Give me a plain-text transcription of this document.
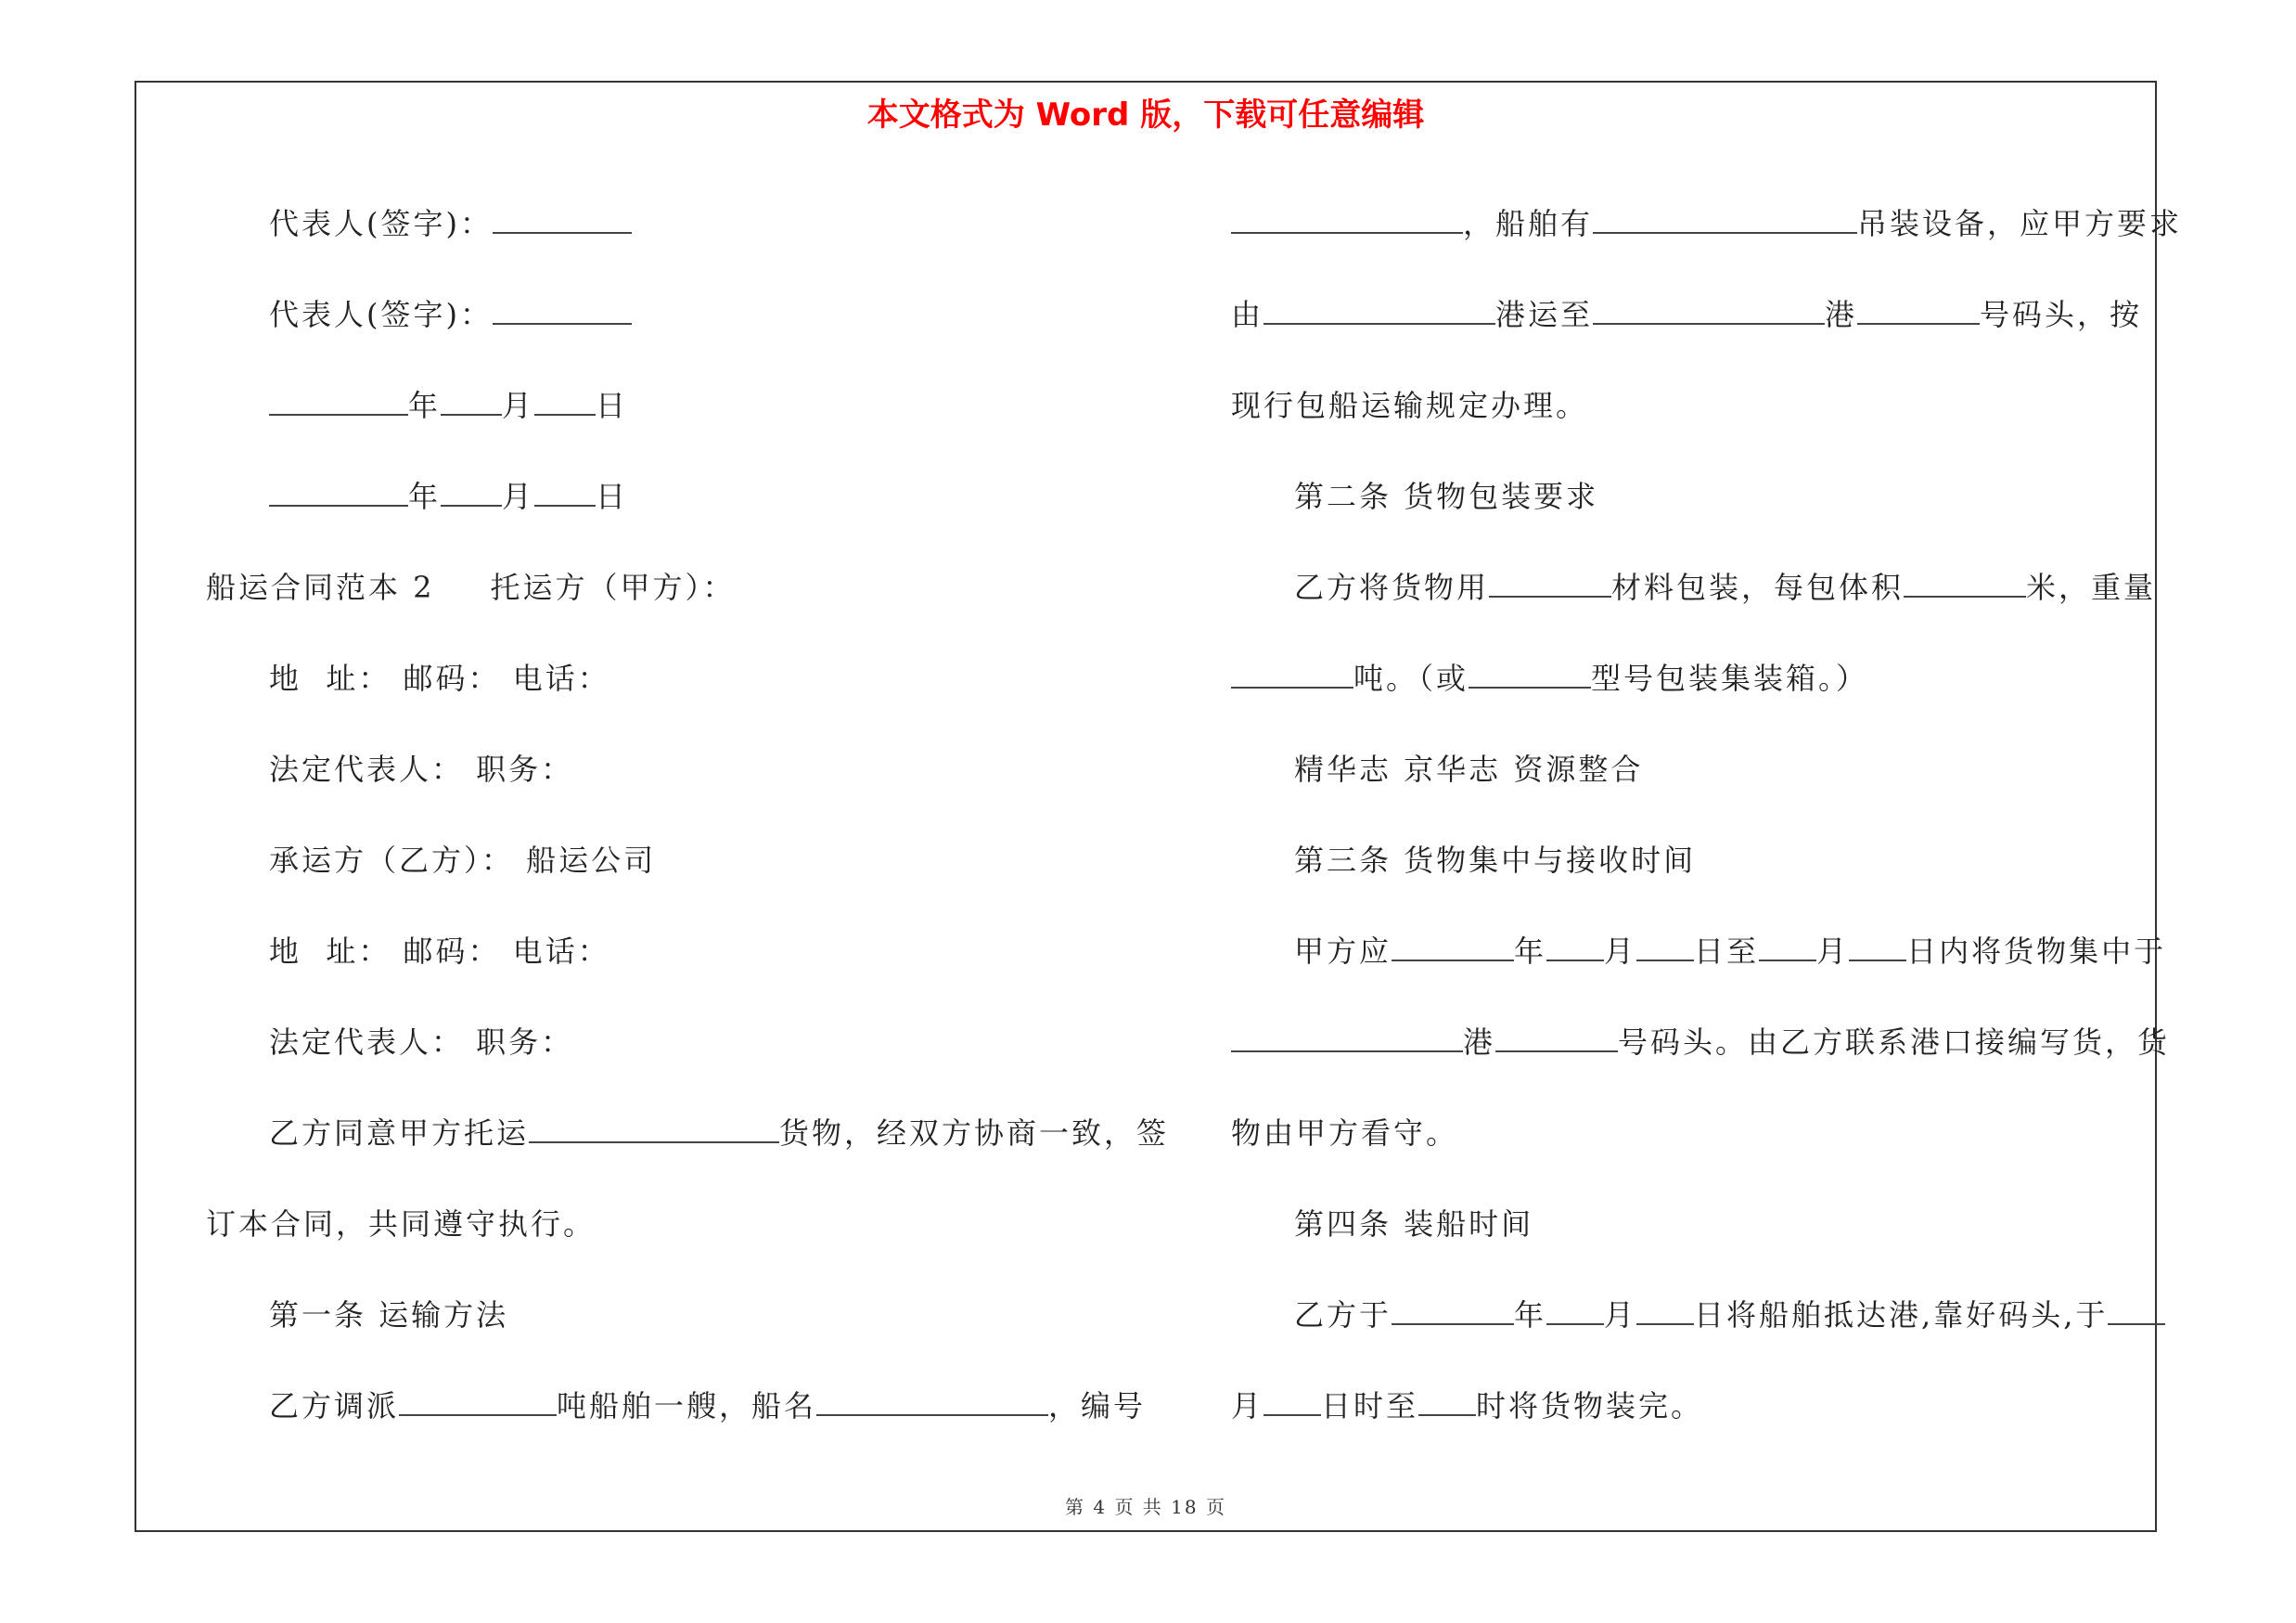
本文格式为 Word 版，下载可任意编辑
代表人(签字)：
代表人(签字)：
年 月 日
年 月 日
船运合同范本 2 托运方（甲方）：
地  址： 邮码： 电话：
法定代表人： 职务：
承运方（乙方）： 船运公司
地  址： 邮码： 电话：
法定代表人： 职务：
乙方同意甲方托运	货物，经双方协商一致，签
订本合同，共同遵守执行。
第一条 运输方法
乙方调派	吨船舶一艘，船名	，编号
，船舶有	吊装设备，应甲方要求
由	港运至	港	号码头，按
现行包船运输规定办理。
第二条 货物包装要求
乙方将货物用	材料包装，每包体积	米，重量
吨。（或	型号包装集装箱。）
精华志 京华志 资源整合
第三条 货物集中与接收时间
甲方应	年 月 日至 月 日内将货物集中于
港	号码头。由乙方联系港口接编写货，货
物由甲方看守。
第四条 装船时间
乙方于	年 月 日将船舶抵达港,靠好码头,于
月 日时至 时将货物装完。
第 4 页 共 18 页
